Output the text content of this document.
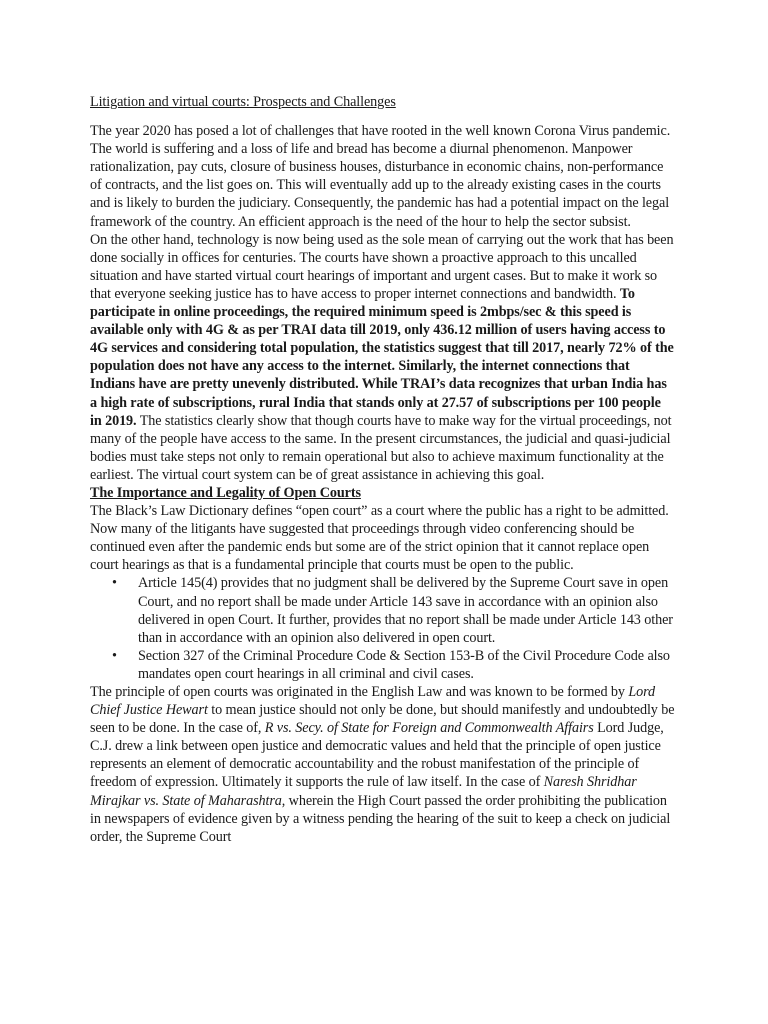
Litigation and virtual courts: Prospects and Challenges

The year 2020 has posed a lot of challenges that have rooted in the well known Corona Virus pandemic. The world is suffering and a loss of life and bread has become a diurnal phenomenon. Manpower rationalization, pay cuts, closure of business houses, disturbance in economic chains, non-performance of contracts, and the list goes on. This will eventually add up to the already existing cases in the courts and is likely to burden the judiciary. Consequently, the pandemic has had a potential impact on the legal framework of the country. An efficient approach is the need of the hour to help the sector subsist.

On the other hand, technology is now being used as the sole mean of carrying out the work that has been done socially in offices for centuries. The courts have shown a proactive approach to this uncalled situation and have started virtual court hearings of important and urgent cases. But to make it work so that everyone seeking justice has to have access to proper internet connections and bandwidth. To participate in online proceedings, the required minimum speed is 2mbps/sec & this speed is available only with 4G & as per TRAI data till 2019, only 436.12 million of users having access to 4G services and considering total population, the statistics suggest that till 2017, nearly 72% of the population does not have any access to the internet. Similarly, the internet connections that Indians have are pretty unevenly distributed. While TRAI’s data recognizes that urban India has a high rate of subscriptions, rural India that stands only at 27.57 of subscriptions per 100 people in 2019. The statistics clearly show that though courts have to make way for the virtual proceedings, not many of the people have access to the same. In the present circumstances, the judicial and quasi-judicial bodies must take steps not only to remain operational but also to achieve maximum functionality at the earliest. The virtual court system can be of great assistance in achieving this goal.

The Importance and Legality of Open Courts

The Black’s Law Dictionary defines “open court” as a court where the public has a right to be admitted. Now many of the litigants have suggested that proceedings through video conferencing should be continued even after the pandemic ends but some are of the strict opinion that it cannot replace open court hearings as that is a fundamental principle that courts must be open to the public.

• Article 145(4) provides that no judgment shall be delivered by the Supreme Court save in open Court, and no report shall be made under Article 143 save in accordance with an opinion also delivered in open Court. It further, provides that no report shall be made under Article 143 other than in accordance with an opinion also delivered in open court.
• Section 327 of the Criminal Procedure Code & Section 153-B of the Civil Procedure Code also mandates open court hearings in all criminal and civil cases.

The principle of open courts was originated in the English Law and was known to be formed by Lord Chief Justice Hewart to mean justice should not only be done, but should manifestly and undoubtedly be seen to be done. In the case of, R vs. Secy. of State for Foreign and Commonwealth Affairs Lord Judge, C.J. drew a link between open justice and democratic values and held that the principle of open justice represents an element of democratic accountability and the robust manifestation of the principle of freedom of expression. Ultimately it supports the rule of law itself. In the case of Naresh Shridhar Mirajkar vs. State of Maharashtra, wherein the High Court passed the order prohibiting the publication in newspapers of evidence given by a witness pending the hearing of the suit to keep a check on judicial order, the Supreme Court
